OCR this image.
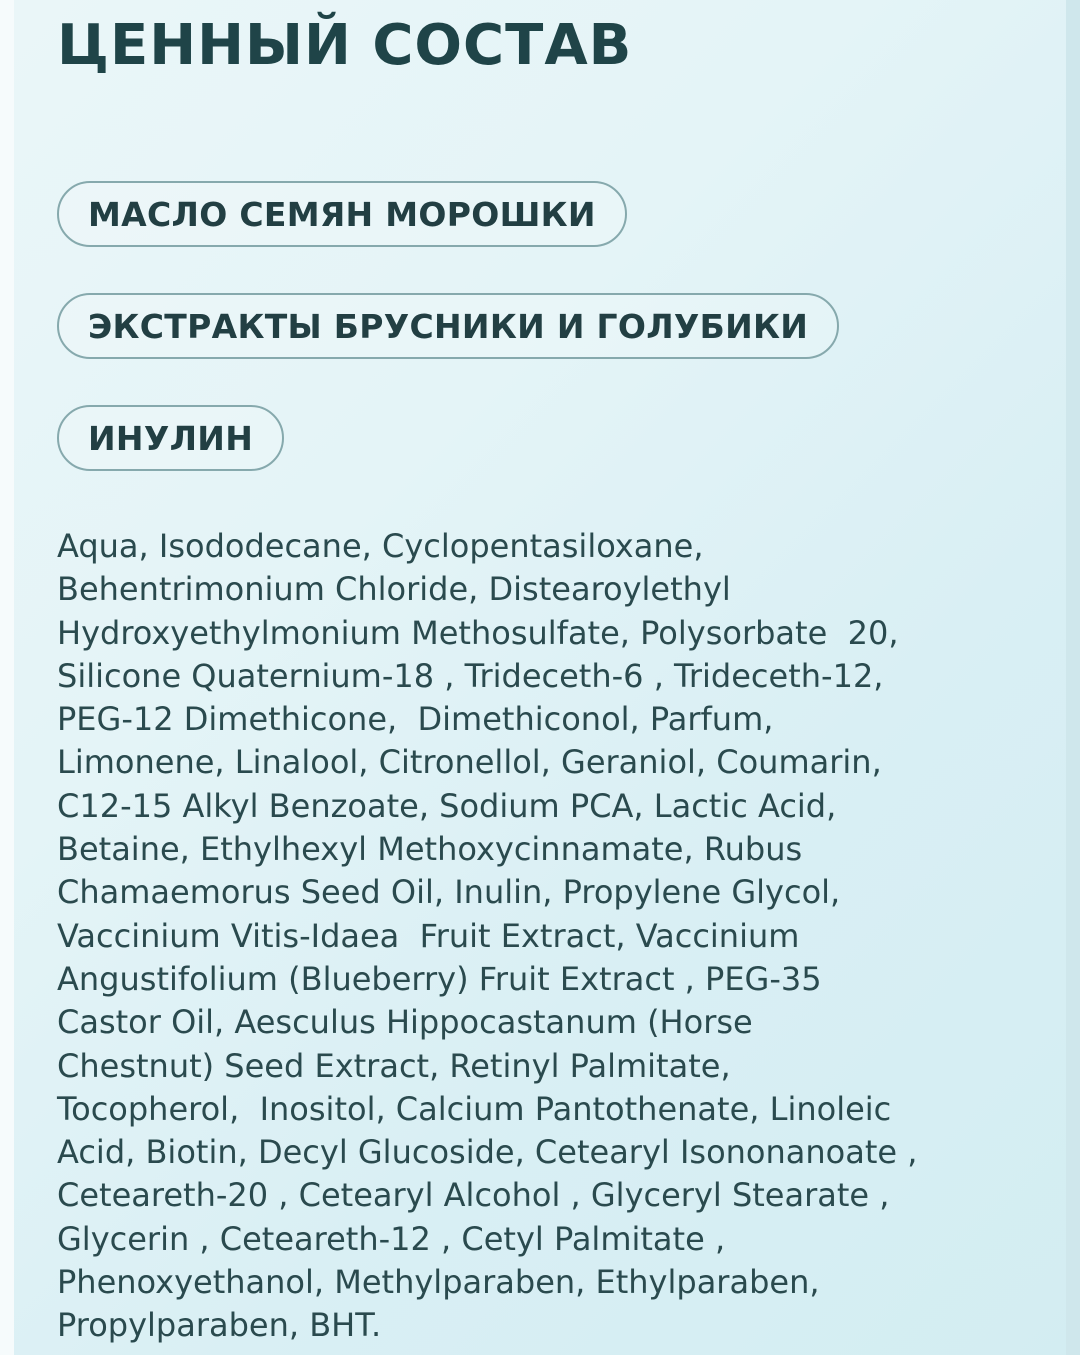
ЦЕННЫЙ СОСТАВ
МАСЛО СЕМЯН МОРОШКИ
ЭКСТРАКТЫ БРУСНИКИ И ГОЛУБИКИ
ИНУЛИН

Aqua, Isododecane, Cyclopentasiloxane,
Behentrimonium Chloride, Distearoylethyl
Hydroxyethylmonium Methosulfate, Polysorbate  20,
Silicone Quaternium-18 , Trideceth-6 , Trideceth-12,
PEG-12 Dimethicone,  Dimethiconol, Parfum,
Limonene, Linalool, Citronellol, Geraniol, Coumarin,
C12-15 Alkyl Benzoate, Sodium PCA, Lactic Acid,
Betaine, Ethylhexyl Methoxycinnamate, Rubus
Chamaemorus Seed Oil, Inulin, Propylene Glycol,
Vaccinium Vitis-Idaea  Fruit Extract, Vaccinium
Angustifolium (Blueberry) Fruit Extract , PEG-35
Castor Oil, Aesculus Hippocastanum (Horse
Chestnut) Seed Extract, Retinyl Palmitate,
Tocopherol,  Inositol, Calcium Pantothenate, Linoleic
Acid, Biotin, Decyl Glucoside, Cetearyl Isononanoate ,
Ceteareth-20 , Cetearyl Alcohol , Glyceryl Stearate ,
Glycerin , Ceteareth-12 , Cetyl Palmitate ,
Phenoxyethanol, Methylparaben, Ethylparaben,
Propylparaben, BHT.
